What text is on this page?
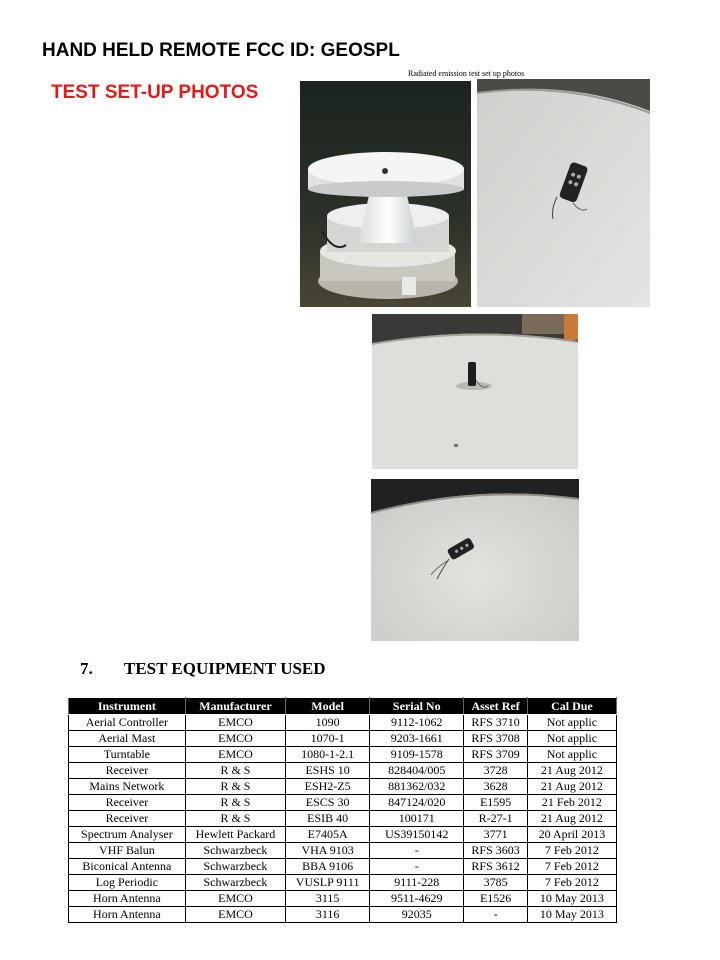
HAND HELD REMOTE FCC ID: GEOSPL
TEST SET-UP PHOTOS
Radiated emission test set up photos
7. TEST EQUIPMENT USED
Instrument	Manufacturer	Model	Serial No	Asset Ref	Cal Due
Aerial Controller	EMCO	1090	9112-1062	RFS 3710	Not applic
Aerial Mast	EMCO	1070-1	9203-1661	RFS 3708	Not applic
Turntable	EMCO	1080-1-2.1	9109-1578	RFS 3709	Not applic
Receiver	R & S	ESHS 10	828404/005	3728	21 Aug 2012
Mains Network	R & S	ESH2-Z5	881362/032	3628	21 Aug 2012
Receiver	R & S	ESCS 30	847124/020	E1595	21 Feb 2012
Receiver	R & S	ESIB 40	100171	R-27-1	21 Aug 2012
Spectrum Analyser	Hewlett Packard	E7405A	US39150142	3771	20 April 2013
VHF Balun	Schwarzbeck	VHA 9103	-	RFS 3603	7 Feb 2012
Biconical Antenna	Schwarzbeck	BBA 9106	-	RFS 3612	7 Feb 2012
Log Periodic	Schwarzbeck	VUSLP 9111	9111-228	3785	7 Feb 2012
Horn Antenna	EMCO	3115	9511-4629	E1526	10 May 2013
Horn Antenna	EMCO	3116	92035	-	10 May 2013
